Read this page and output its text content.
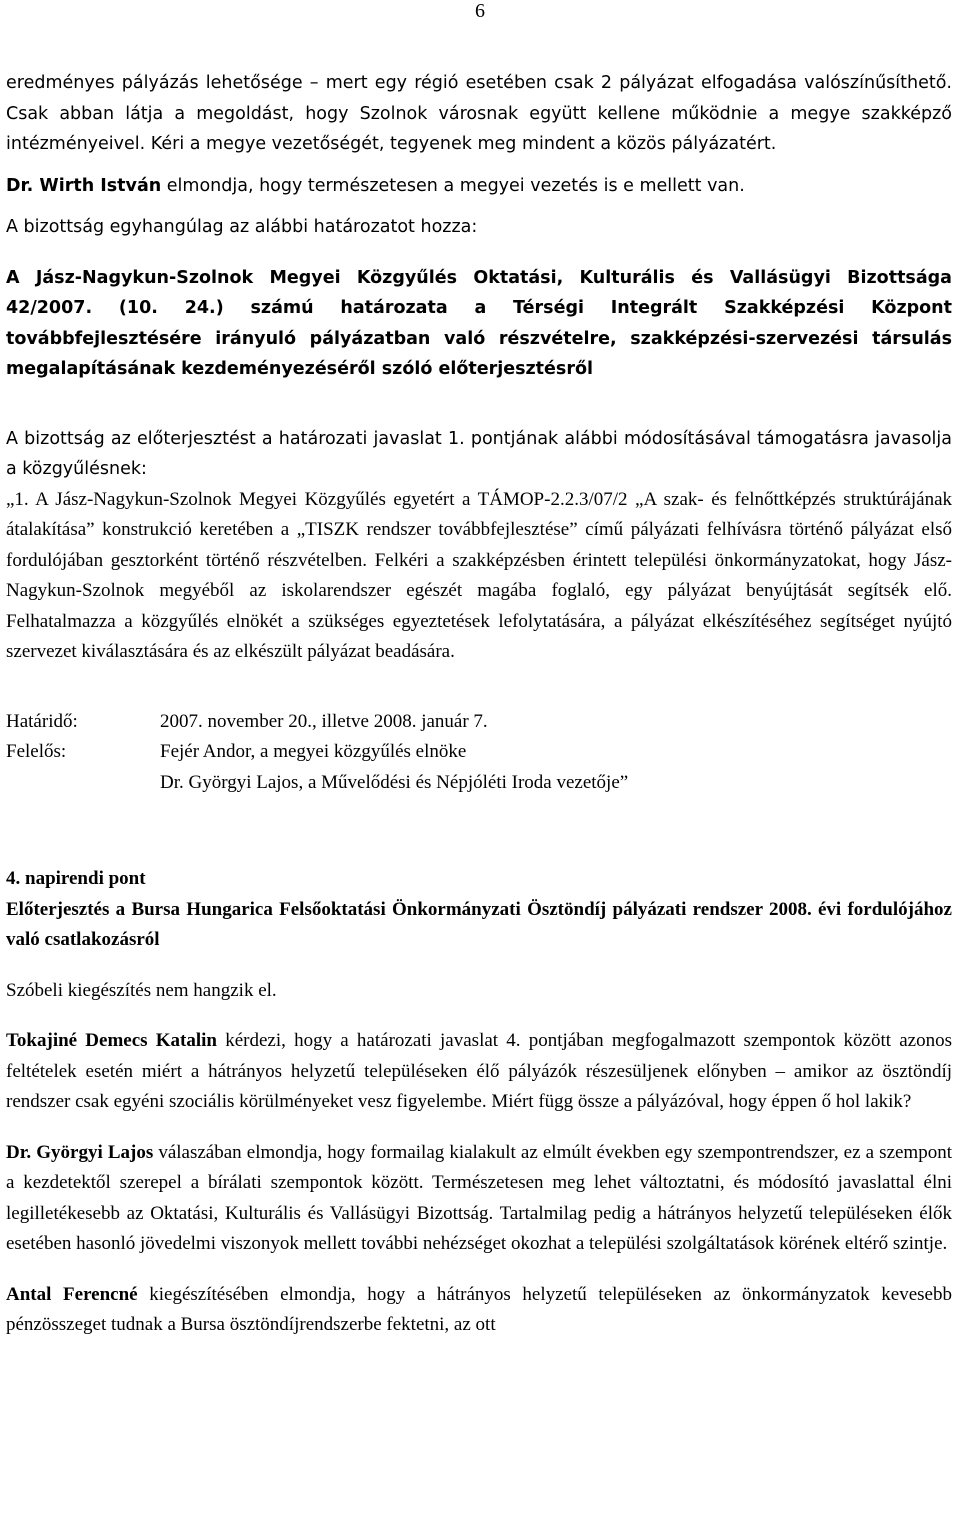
6

eredményes pályázás lehetősége – mert egy régió esetében csak 2 pályázat elfogadása valószínűsíthető. Csak abban látja a megoldást, hogy Szolnok városnak együtt kellene működnie a megye szakképző intézményeivel. Kéri a megye vezetőségét, tegyenek meg mindent a közös pályázatért.

Dr. Wirth István elmondja, hogy természetesen a megyei vezetés is e mellett van.

A bizottság egyhangúlag az alábbi határozatot hozza:

A Jász-Nagykun-Szolnok Megyei Közgyűlés Oktatási, Kulturális és Vallásügyi Bizottsága 42/2007. (10. 24.) számú határozata a Térségi Integrált Szakképzési Központ továbbfejlesztésére irányuló pályázatban való részvételre, szakképzési-szervezési társulás megalapításának kezdeményezéséről szóló előterjesztésről

A bizottság az előterjesztést a határozati javaslat 1. pontjának alábbi módosításával támogatásra javasolja a közgyűlésnek:

„1. A Jász-Nagykun-Szolnok Megyei Közgyűlés egyetért a TÁMOP-2.2.3/07/2 „A szak- és felnőttképzés struktúrájának átalakítása” konstrukció keretében a „TISZK rendszer továbbfejlesztése” című pályázati felhívásra történő pályázat első fordulójában gesztorként történő részvételben. Felkéri a szakképzésben érintett települési önkormányzatokat, hogy Jász-Nagykun-Szolnok megyéből az iskolarendszer egészét magába foglaló, egy pályázat benyújtását segítsék elő. Felhatalmazza a közgyűlés elnökét a szükséges egyeztetések lefolytatására, a pályázat elkészítéséhez segítséget nyújtó szervezet kiválasztására és az elkészült pályázat beadására.

Határidő:	2007. november 20., illetve 2008. január 7.
Felelős:	Fejér Andor, a megyei közgyűlés elnöke
Dr. Györgyi Lajos, a Művelődési és Népjóléti Iroda vezetője”

4. napirendi pont

Előterjesztés a Bursa Hungarica Felsőoktatási Önkormányzati Ösztöndíj pályázati rendszer 2008. évi fordulójához való csatlakozásról

Szóbeli kiegészítés nem hangzik el.

Tokajiné Demecs Katalin kérdezi, hogy a határozati javaslat 4. pontjában megfogalmazott szempontok között azonos feltételek esetén miért a hátrányos helyzetű településeken élő pályázók részesüljenek előnyben – amikor az ösztöndíj rendszer csak egyéni szociális körülményeket vesz figyelembe. Miért függ össze a pályázóval, hogy éppen ő hol lakik?

Dr. Györgyi Lajos válaszában elmondja, hogy formailag kialakult az elmúlt években egy szempontrendszer, ez a szempont a kezdetektől szerepel a bírálati szempontok között. Természetesen meg lehet változtatni, és módosító javaslattal élni legilletékesebb az Oktatási, Kulturális és Vallásügyi Bizottság. Tartalmilag pedig a hátrányos helyzetű településeken élők esetében hasonló jövedelmi viszonyok mellett további nehézséget okozhat a települési szolgáltatások körének eltérő szintje.

Antal Ferencné kiegészítésében elmondja, hogy a hátrányos helyzetű településeken az önkormányzatok kevesebb pénzösszeget tudnak a Bursa ösztöndíjrendszerbe fektetni, az ott
